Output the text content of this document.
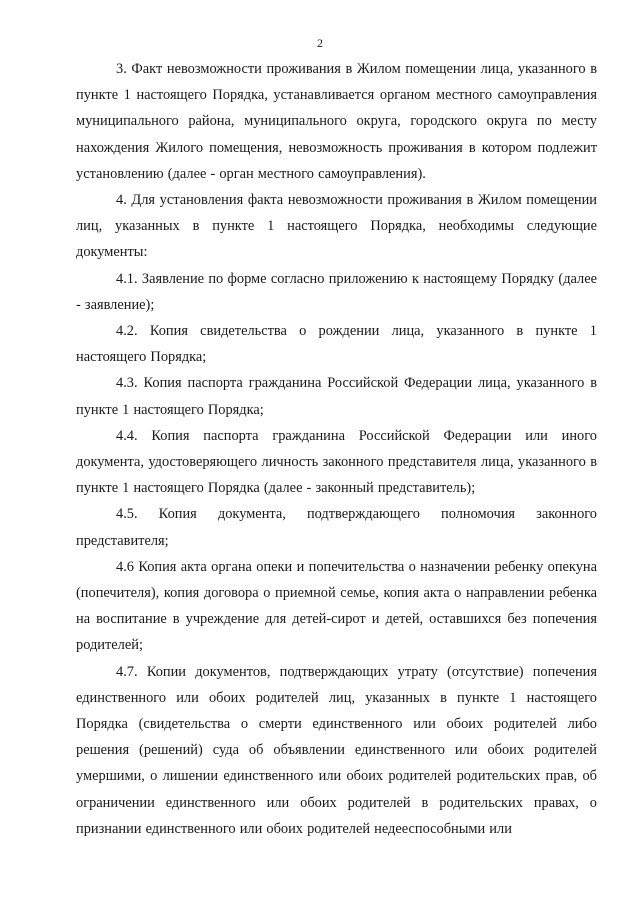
2

3. Факт невозможности проживания в Жилом помещении лица, указанного в пункте 1 настоящего Порядка, устанавливается органом местного самоуправления муниципального района, муниципального округа, городского округа по месту нахождения Жилого помещения, невозможность проживания в котором подлежит установлению (далее - орган местного самоуправления).

4. Для установления факта невозможности проживания в Жилом помещении лиц, указанных в пункте 1 настоящего Порядка, необходимы следующие документы:

4.1. Заявление по форме согласно приложению к настоящему Порядку (далее - заявление);

4.2. Копия свидетельства о рождении лица, указанного в пункте 1 настоящего Порядка;

4.3. Копия паспорта гражданина Российской Федерации лица, указанного в пункте 1 настоящего Порядка;

4.4. Копия паспорта гражданина Российской Федерации или иного документа, удостоверяющего личность законного представителя лица, указанного в пункте 1 настоящего Порядка (далее - законный представитель);

4.5. Копия документа, подтверждающего полномочия законного представителя;

4.6 Копия акта органа опеки и попечительства о назначении ребенку опекуна (попечителя), копия договора о приемной семье, копия акта о направлении ребенка на воспитание в учреждение для детей-сирот и детей, оставшихся без попечения родителей;

4.7. Копии документов, подтверждающих утрату (отсутствие) попечения единственного или обоих родителей лиц, указанных в пункте 1 настоящего Порядка (свидетельства о смерти единственного или обоих родителей либо решения (решений) суда об объявлении единственного или обоих родителей умершими, о лишении единственного или обоих родителей родительских прав, об ограничении единственного или обоих родителей в родительских правах, о признании единственного или обоих родителей недееспособными или
